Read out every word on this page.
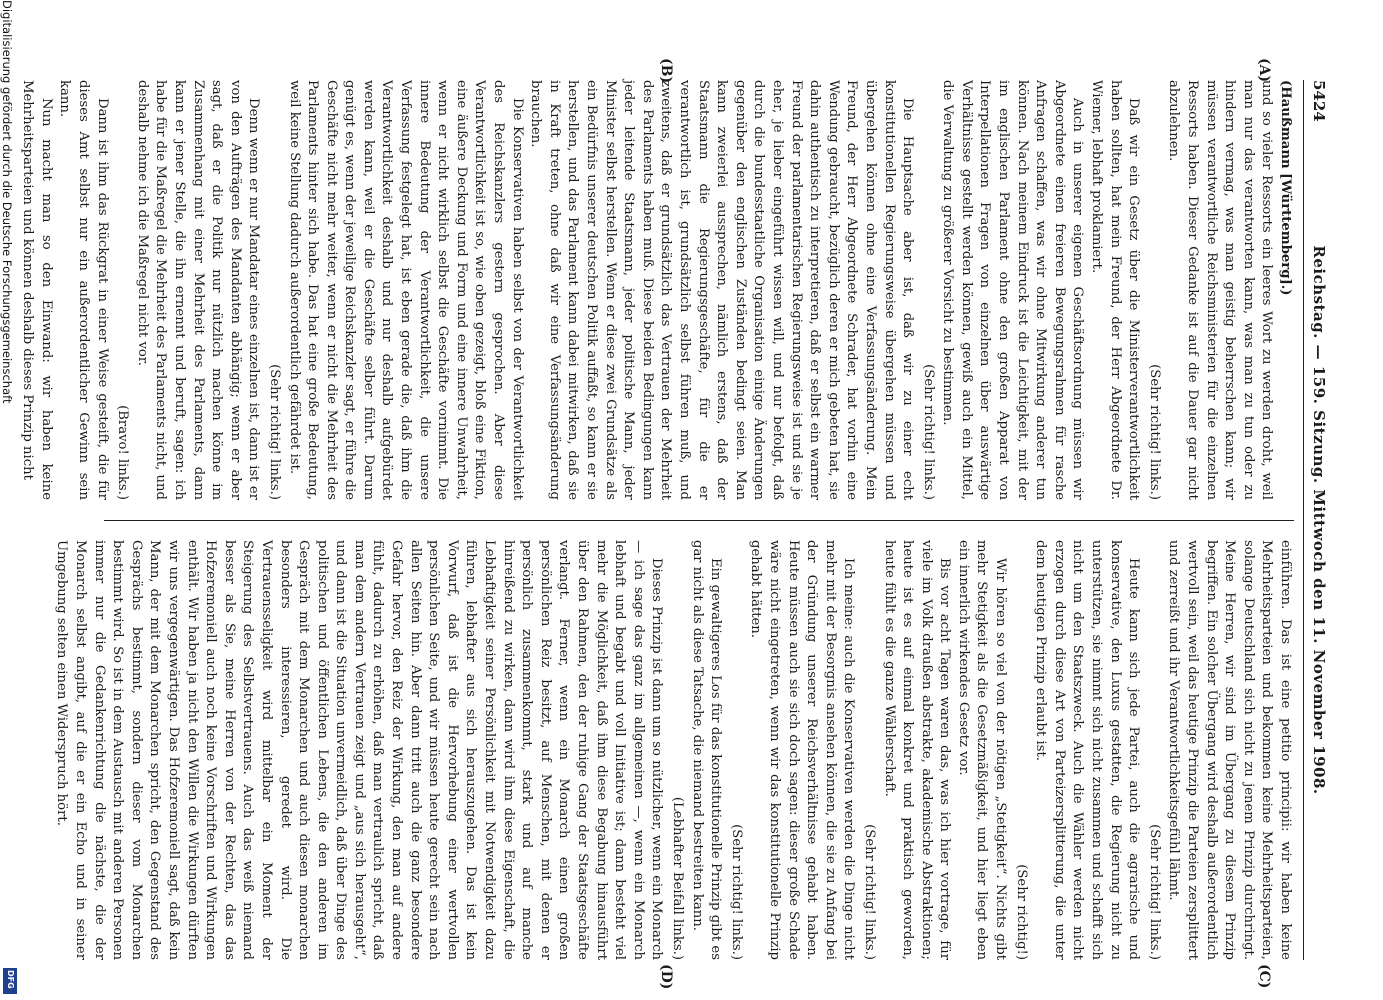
Digitalisierung gefördert durch die Deutsche Forschungsgemeinschaft
DFG
5424
Reichstag. — 159. Sitzung. Mittwoch den 11. November 1908.
(A)
(B)
(C)
(D)

(Haußmann [Württemberg].)

und so vieler Ressorts ein leeres Wort zu werden droht, weil man nur das verantworten kann, was man zu tun oder zu hindern vermag, was man geistig beherrschen kann; wir müssen verantwortliche Reichsministerien für die einzelnen Ressorts haben. Dieser Gedanke ist auf die Dauer gar nicht abzulehnen.

(Sehr richtig! links.)

Daß wir ein Gesetz über die Ministerverantwortlichkeit haben sollten, hat mein Freund, der Herr Abgeordnete Dr. Wiemer, lebhaft proklamiert.

Auch in unserer eigenen Geschäftsordnung müssen wir Abgeordnete einen freieren Bewegungsrahmen für rasche Anfragen schaffen, was wir ohne Mitwirkung anderer tun können. Nach meinem Eindruck ist die Leichtigkeit, mit der im englischen Parlament ohne den großen Apparat von Interpellationen Fragen von einzelnen über auswärtige Verhältnisse gestellt werden können, gewiß auch ein Mittel, die Verwaltung zu größerer Vorsicht zu bestimmen.

(Sehr richtig! links.)

Die Hauptsache aber ist, daß wir zu einer echt konstitutionellen Regierungsweise übergehen müssen und übergehen können ohne eine Verfassungsänderung. Mein Freund, der Herr Abgeordnete Schrader, hat vorhin eine Wendung gebraucht, bezüglich deren er mich gebeten hat, sie dahin authentisch zu interpretieren, daß er selbst ein warmer Freund der parlamentarischen Regierungsweise ist und sie je eher, je lieber eingeführt wissen will, und nur befolgt, daß durch die bundesstaatliche Organisation einige Änderungen gegenüber den englischen Zuständen bedingt seien. Man kann zweierlei aussprechen, nämlich erstens, daß der Staatsmann die Regierungsgeschäfte, für die er verantwortlich ist, grundsätzlich selbst führen muß, und zweitens, daß er grundsätzlich das Vertrauen der Mehrheit des Parlaments haben muß. Diese beiden Bedingungen kann jeder leitende Staatsmann, jeder politische Mann, jeder Minister selbst herstellen. Wenn er diese zwei Grundsätze als ein Bedürfnis unserer deutschen Politik auffaßt, so kann er sie herstellen, und das Parlament kann dabei mitwirken, daß sie in Kraft treten, ohne daß wir eine Verfassungsänderung brauchen.

Die Konservativen haben selbst von der Verantwortlichkeit des Reichskanzlers gestern gesprochen. Aber diese Verantwortlichkeit ist so, wie oben gezeigt, bloß eine Fiktion, eine äußere Deckung und Form und eine innere Unwahrheit, wenn er nicht wirklich selbst die Geschäfte vornimmt. Die innere Bedeutung der Verantwortlichkeit, die unsere Verfassung festgelegt hat, ist eben gerade die, daß ihm die Verantwortlichkeit deshalb und nur deshalb aufgebürdet werden kann, weil er die Geschäfte selber führt. Darum genügt es, wenn der jeweilige Reichskanzler sagt, er führe die Geschäfte nicht mehr weiter, wenn er nicht die Mehrheit des Parlaments hinter sich habe. Das hat eine große Bedeutung, weil keine Stellung dadurch außerordentlich gefährdet ist.

(Sehr richtig! links.)

Denn wenn er nur Mandatar eines einzelnen ist, dann ist er von den Aufträgen des Mandanten abhängig; wenn er aber sagt, daß er die Politik nur nützlich machen könne im Zusammenhang mit einer Mehrheit des Parlaments, dann kann er jener Stelle, die ihn ernennt und beruft, sagen: ich habe für die Maßregel die Mehrheit des Parlaments nicht, und deshalb nehme ich die Maßregel nicht vor.

(Bravo! links.)

Dann ist ihm das Rückgrat in einer Weise gesteift, die für dieses Amt selbst nur ein außerordentlicher Gewinn sein kann.

Nun macht man so den Einwand: wir haben keine Mehrheitsparteien und können deshalb dieses Prinzip nicht

einführen. Das ist eine petitio principii: wir haben keine Mehrheitsparteien und bekommen keine Mehrheitsparteien, solange Deutschland sich nicht zu jenem Prinzip durchringt. Meine Herren, wir sind im Übergang zu diesem Prinzip begriffen. Ein solcher Übergang wird deshalb außerordentlich wertvoll sein, weil das heutige Prinzip die Parteien zersplittert und zerreißt und ihr Verantwortlichkeitsgefühl lähmt.

(Sehr richtig! links.)

Heute kann sich jede Partei, auch die agrarische und konservative, den Luxus gestatten, die Regierung nicht zu unterstützen, sie nimmt sich nicht zusammen und schafft sich nicht um den Staatszweck. Auch die Wähler werden nicht erzogen durch diese Art von Parteizersplitterung, die unter dem heutigen Prinzip erlaubt ist.

(Sehr richtig!)

Wir hören so viel von der nötigen „Stetigkeit“. Nichts gibt mehr Stetigkeit als die Gesetzmäßigkeit, und hier liegt eben ein innerlich wirkendes Gesetz vor.

Bis vor acht Tagen waren das, was ich hier vortrage, für viele im Volk draußen abstrakte, akademische Abstraktionen; heute ist es auf einmal konkret und praktisch geworden, heute fühlt es die ganze Wählerschaft.

(Sehr richtig! links.)

Ich meine: auch die Konservativen werden die Dinge nicht mehr mit der Besorgnis ansehen können, die sie zu Anfang bei der Gründung unserer Reichsverhältnisse gehabt haben. Heute müssen auch sie sich doch sagen: dieser große Schade wäre nicht eingetreten, wenn wir das konstitutionelle Prinzip gehabt hätten.

(Sehr richtig! links.)

Ein gewaltigeres Los für das konstitutionelle Prinzip gibt es gar nicht als diese Tatsache, die niemand bestreiten kann.

(Lebhafter Beifall links.)

Dieses Prinzip ist dann um so nützlicher, wenn ein Monarch — ich sage das ganz im allgemeinen —, wenn ein Monarch lebhaft und begabt und voll Initiative ist; dann besteht viel mehr die Möglichkeit, daß ihm diese Begabung hinausführt über den Rahmen, den der ruhige Gang der Staatsgeschäfte verlangt. Ferner, wenn ein Monarch einen großen persönlichen Reiz besitzt, auf Menschen, mit denen er persönlich zusammenkommt, stark und auf manche hinreißend zu wirken, dann wird ihm diese Eigenschaft, die Lebhaftigkeit seiner Persönlichkeit mit Notwendigkeit dazu führen, lebhafter aus sich herauszugehen. Das ist kein Vorwurf, daß ist die Hervorhebung einer wertvollen persönlichen Seite, und wir müssen heute gerecht sein nach allen Seiten hin. Aber dann tritt auch die ganz besondere Gefahr hervor, den Reiz der Wirkung, den man auf andere fühlt, dadurch zu erhöhen, daß man vertraulich spricht, daß man dem andern Vertrauen zeigt und „aus sich herausgeht“, und dann ist die Situation unvermeidlich, daß über Dinge des politischen und öffentlichen Lebens, die den anderen im Gespräch mit dem Monarchen und auch diesen monarchen besonders interessieren, geredet wird. Die Vertrauensseligkeit wird mittelbar ein Moment der Steigerung des Selbstvertrauens. Auch das weiß niemand besser als Sie, meine Herren von der Rechten, das das Hofzeremoniell auch noch keine Vorschriften und Wirkungen enthält. Wir haben ja nicht den Willen die Wirkungen dürften wir uns vergegenwärtigen. Das Hofzeremoniell sagt, daß kein Mann, der mit dem Monarchen spricht, den Gegenstand des Gesprächs bestimmt, sondern dieser vom Monarchen bestimmt wird. So ist in dem Austausch mit anderen Personen immer nur die Gedankenrichtung die nächste, die der Monarch selbst angibt, auf die er ein Echo und in seiner Umgebung selten einen Widerspruch hört.
